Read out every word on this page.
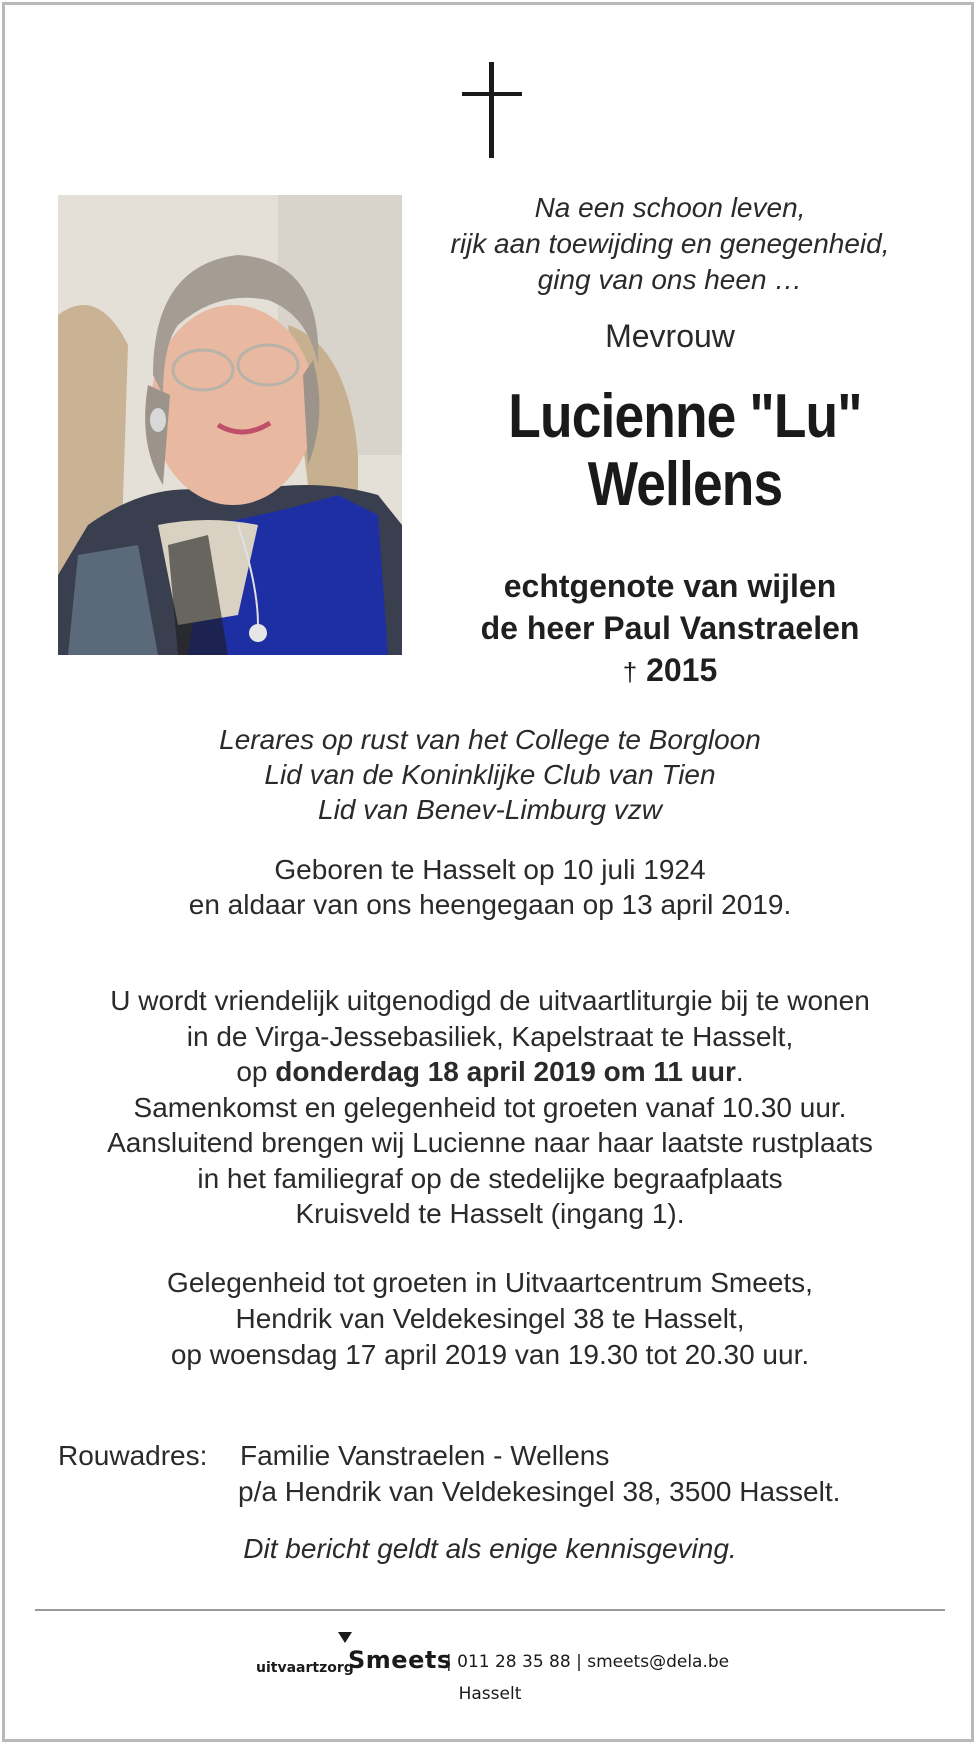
Na een schoon leven,
rijk aan toewijding en genegenheid,
ging van ons heen …
Mevrouw
Lucienne "Lu"
Wellens
echtgenote van wijlen
de heer Paul Vanstraelen
† 2015
Lerares op rust van het College te Borgloon
Lid van de Koninklijke Club van Tien
Lid van Benev-Limburg vzw
Geboren te Hasselt op 10 juli 1924
en aldaar van ons heengegaan op 13 april 2019.
U wordt vriendelijk uitgenodigd de uitvaartliturgie bij te wonen
in de Virga-Jessebasiliek, Kapelstraat te Hasselt,
op donderdag 18 april 2019 om 11 uur.
Samenkomst en gelegenheid tot groeten vanaf 10.30 uur.
Aansluitend brengen wij Lucienne naar haar laatste rustplaats
in het familiegraf op de stedelijke begraafplaats
Kruisveld te Hasselt (ingang 1).
Gelegenheid tot groeten in Uitvaartcentrum Smeets,
Hendrik van Veldekesingel 38 te Hasselt,
op woensdag 17 april 2019 van 19.30 tot 20.30 uur.
Rouwadres: Familie Vanstraelen - Wellens
p/a Hendrik van Veldekesingel 38, 3500 Hasselt.
Dit bericht geldt als enige kennisgeving.
uitvaartzorg
Smeets
| 011 28 35 88 | smeets@dela.be
Hasselt
